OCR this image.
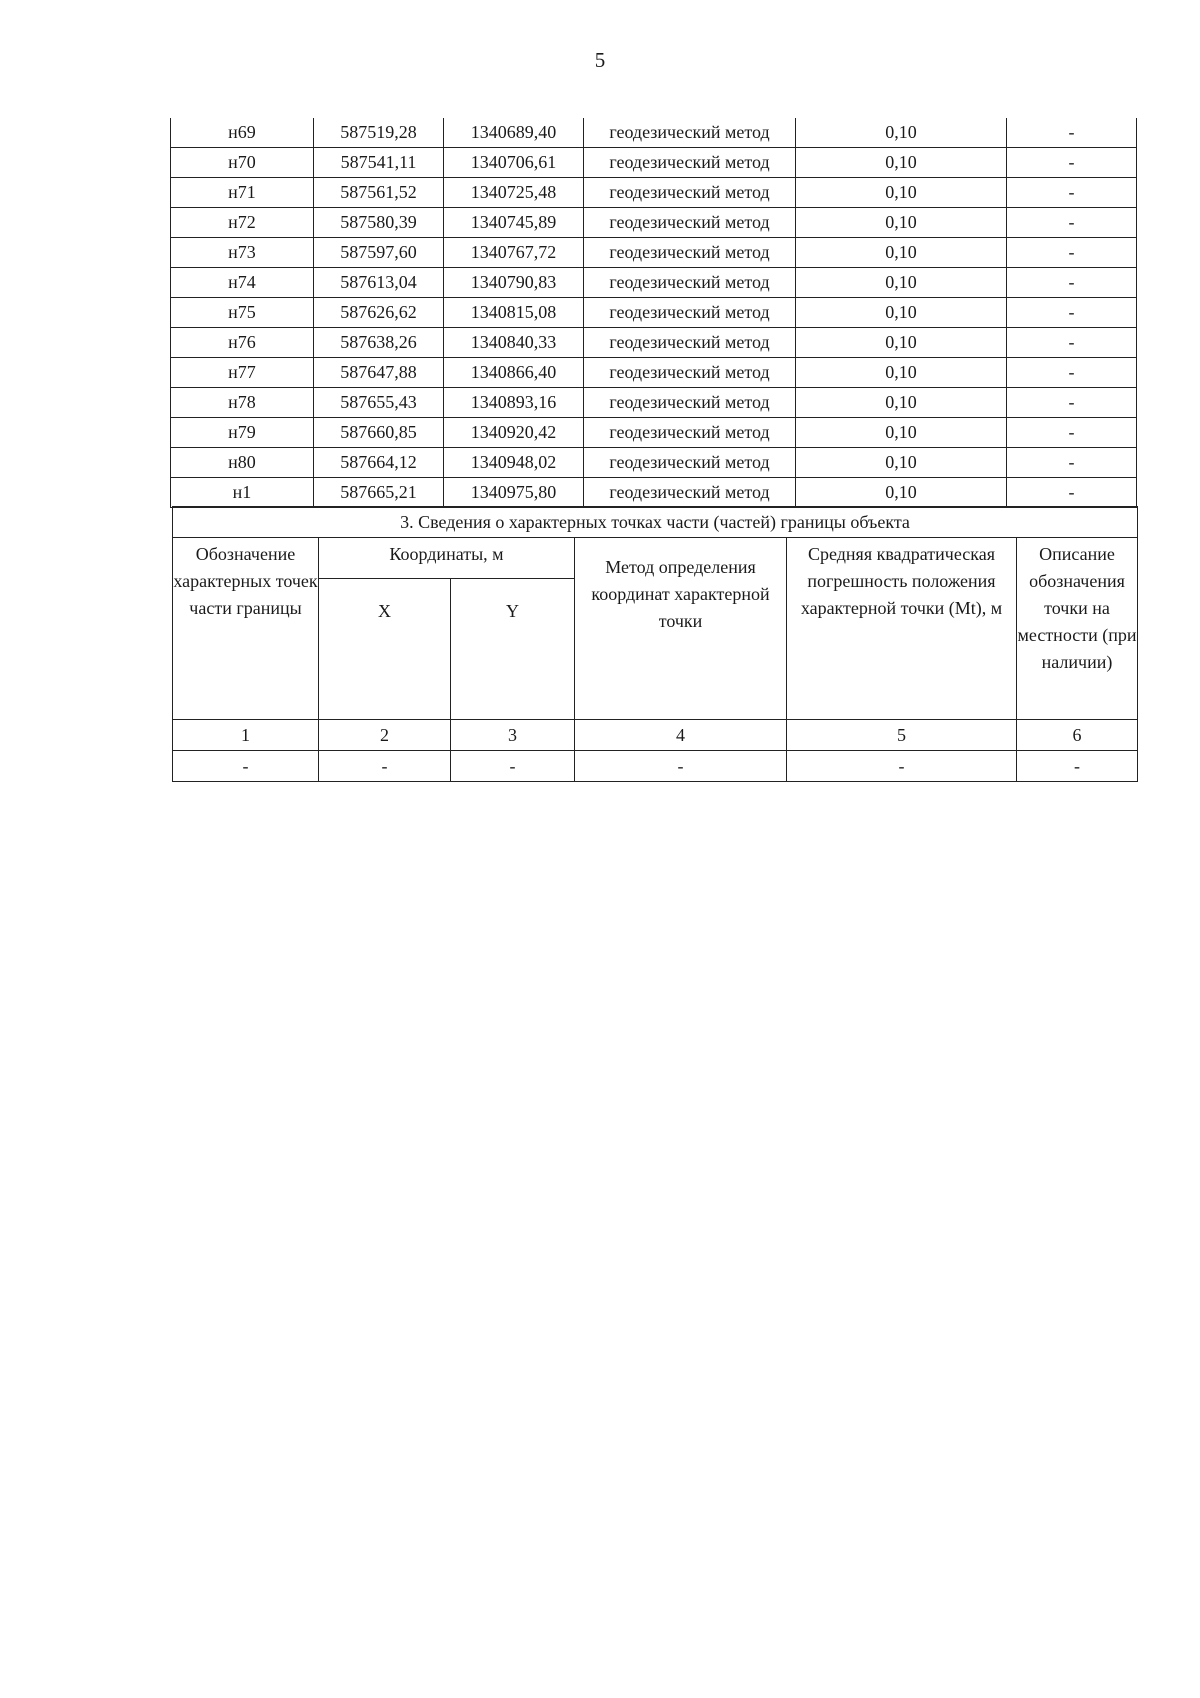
5
н69	587519,28	1340689,40	геодезический метод	0,10	-
н70	587541,11	1340706,61	геодезический метод	0,10	-
н71	587561,52	1340725,48	геодезический метод	0,10	-
н72	587580,39	1340745,89	геодезический метод	0,10	-
н73	587597,60	1340767,72	геодезический метод	0,10	-
н74	587613,04	1340790,83	геодезический метод	0,10	-
н75	587626,62	1340815,08	геодезический метод	0,10	-
н76	587638,26	1340840,33	геодезический метод	0,10	-
н77	587647,88	1340866,40	геодезический метод	0,10	-
н78	587655,43	1340893,16	геодезический метод	0,10	-
н79	587660,85	1340920,42	геодезический метод	0,10	-
н80	587664,12	1340948,02	геодезический метод	0,10	-
н1	587665,21	1340975,80	геодезический метод	0,10	-
3. Сведения о характерных точках части (частей) границы объекта					
Обозначение характерных точек части границы	Координаты, м		Метод определения координат характерной точки	Средняя квадратическая погрешность положения характерной точки (Mt), м	Описание обозначения точки на местности (при наличии)
	X	Y			
1	2	3	4	5	6
-	-	-	-	-	-
